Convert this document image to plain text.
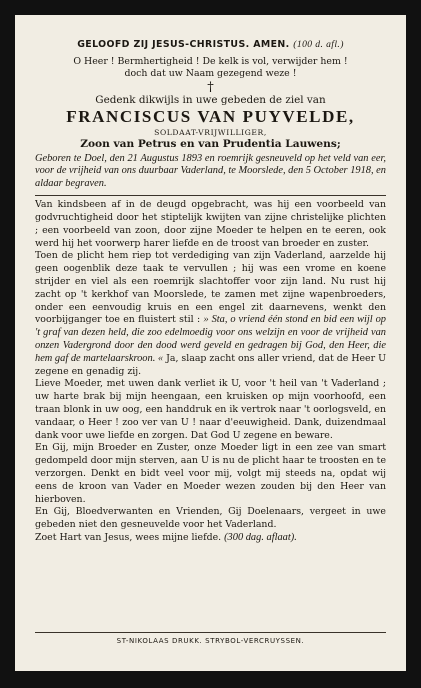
GELOOFD ZIJ JESUS-CHRISTUS. AMEN. (100 d. afl.)
O Heer ! Bermhertigheid ! De kelk is vol, verwijder hem !
doch dat uw Naam gezegend weze !
†
Gedenk dikwijls in uwe gebeden de ziel van
FRANCISCUS VAN PUYVELDE,
SOLDAAT-VRIJWILLIGER,
Zoon van Petrus en van Prudentia Lauwens;
Geboren te Doel, den 21 Augustus 1893 en roemrijk gesneuveld op het veld van eer, voor de vrijheid van ons duurbaar Vaderland, te Moorslede, den 5 October 1918, en aldaar begraven.

Van kindsbeen af in de deugd opgebracht, was hij een voorbeeld van godvruchtigheid door het stiptelijk kwijten van zijne christelijke plichten ; een voorbeeld van zoon, door zijne Moeder te helpen en te eeren, ook werd hij het voorwerp harer liefde en de troost van broeder en zuster.

Toen de plicht hem riep tot verdediging van zijn Vaderland, aarzelde hij geen oogenblik deze taak te vervullen ; hij was een vrome en koene strijder en viel als een roemrijk slachtoffer voor zijn land. Nu rust hij zacht op 't kerkhof van Moorslede, te zamen met zijne wapenbroeders, onder een eenvoudig kruis en een engel zit daarnevens, wenkt den voorbijganger toe en fluistert stil : » Sta, o vriend één stond en bid een wijl op 't graf van dezen held, die zoo edelmoedig voor ons welzijn en voor de vrijheid van onzen Vadergrond door den dood werd geveld en gedragen bij God, den Heer, die hem gaf de martelaarskroon. « Ja, slaap zacht ons aller vriend, dat de Heer U zegene en genadig zij.

Lieve Moeder, met uwen dank verliet ik U, voor 't heil van 't Vaderland ; uw harte brak bij mijn heengaan, een kruisken op mijn voorhoofd, een traan blonk in uw oog, een handdruk en ik vertrok naar 't oorlogsveld, en vandaar, o Heer ! zoo ver van U ! naar d'eeuwigheid. Dank, duizendmaal dank voor uwe liefde en zorgen. Dat God U zegene en beware.

En Gij, mijn Broeder en Zuster, onze Moeder ligt in een zee van smart gedompeld door mijn sterven, aan U is nu de plicht haar te troosten en te verzorgen. Denkt en bidt veel voor mij, volgt mij steeds na, opdat wij eens de kroon van Vader en Moeder wezen zouden bij den Heer van hierboven.

En Gij, Bloedverwanten en Vrienden, Gij Doelenaars, vergeet in uwe gebeden niet den gesneuvelde voor het Vaderland.

Zoet Hart van Jesus, wees mijne liefde. (300 dag. aflaat).

ST-NIKOLAAS DRUKK. STRYBOL-VERCRUYSSEN.
